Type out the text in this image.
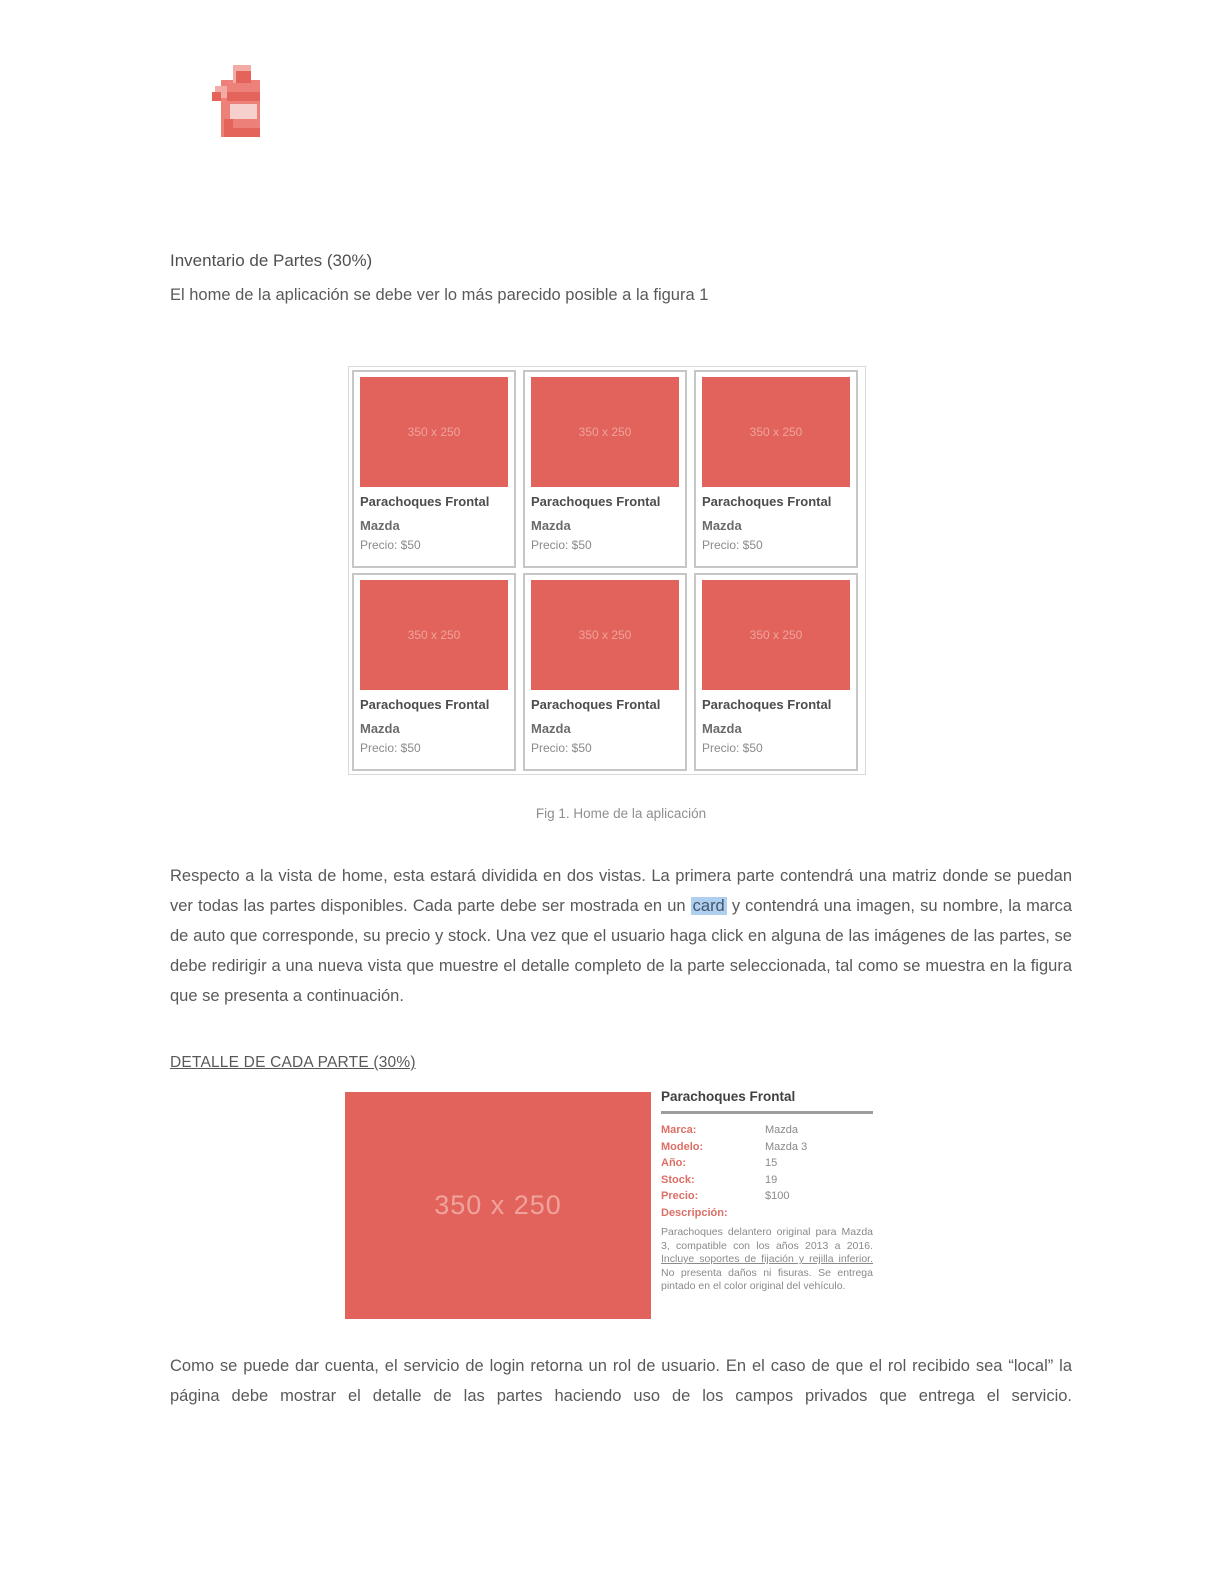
Inventario de Partes (30%)
El home de la aplicación se debe ver lo más parecido posible a la figura 1
350 x 250
Parachoques Frontal
Mazda
Precio: $50
350 x 250
Parachoques Frontal
Mazda
Precio: $50
350 x 250
Parachoques Frontal
Mazda
Precio: $50
350 x 250
Parachoques Frontal
Mazda
Precio: $50
350 x 250
Parachoques Frontal
Mazda
Precio: $50
350 x 250
Parachoques Frontal
Mazda
Precio: $50
Fig 1. Home de la aplicación
Respecto a la vista de home, esta estará dividida en dos vistas. La primera parte contendrá una matriz donde se puedan ver todas las partes disponibles. Cada parte debe ser mostrada en un card y contendrá una imagen, su nombre, la marca de auto que corresponde, su precio y stock. Una vez que el usuario haga click en alguna de las imágenes de las partes, se debe redirigir a una nueva vista que muestre el detalle completo de la parte seleccionada, tal como se muestra en la figura que se presenta a continuación.
DETALLE DE CADA PARTE (30%)
350 x 250
Parachoques Frontal
Marca:	Mazda
Modelo:	Mazda 3
Año:	15
Stock:	19
Precio:	$100
Descripción:
Parachoques delantero original para Mazda 3, compatible con los años 2013 a 2016. Incluye soportes de fijación y rejilla inferior. No presenta daños ni fisuras. Se entrega pintado en el color original del vehículo.
Como se puede dar cuenta, el servicio de login retorna un rol de usuario. En el caso de que el rol recibido sea “local” la página debe mostrar el detalle de las partes haciendo uso de los campos privados que entrega el servicio.
